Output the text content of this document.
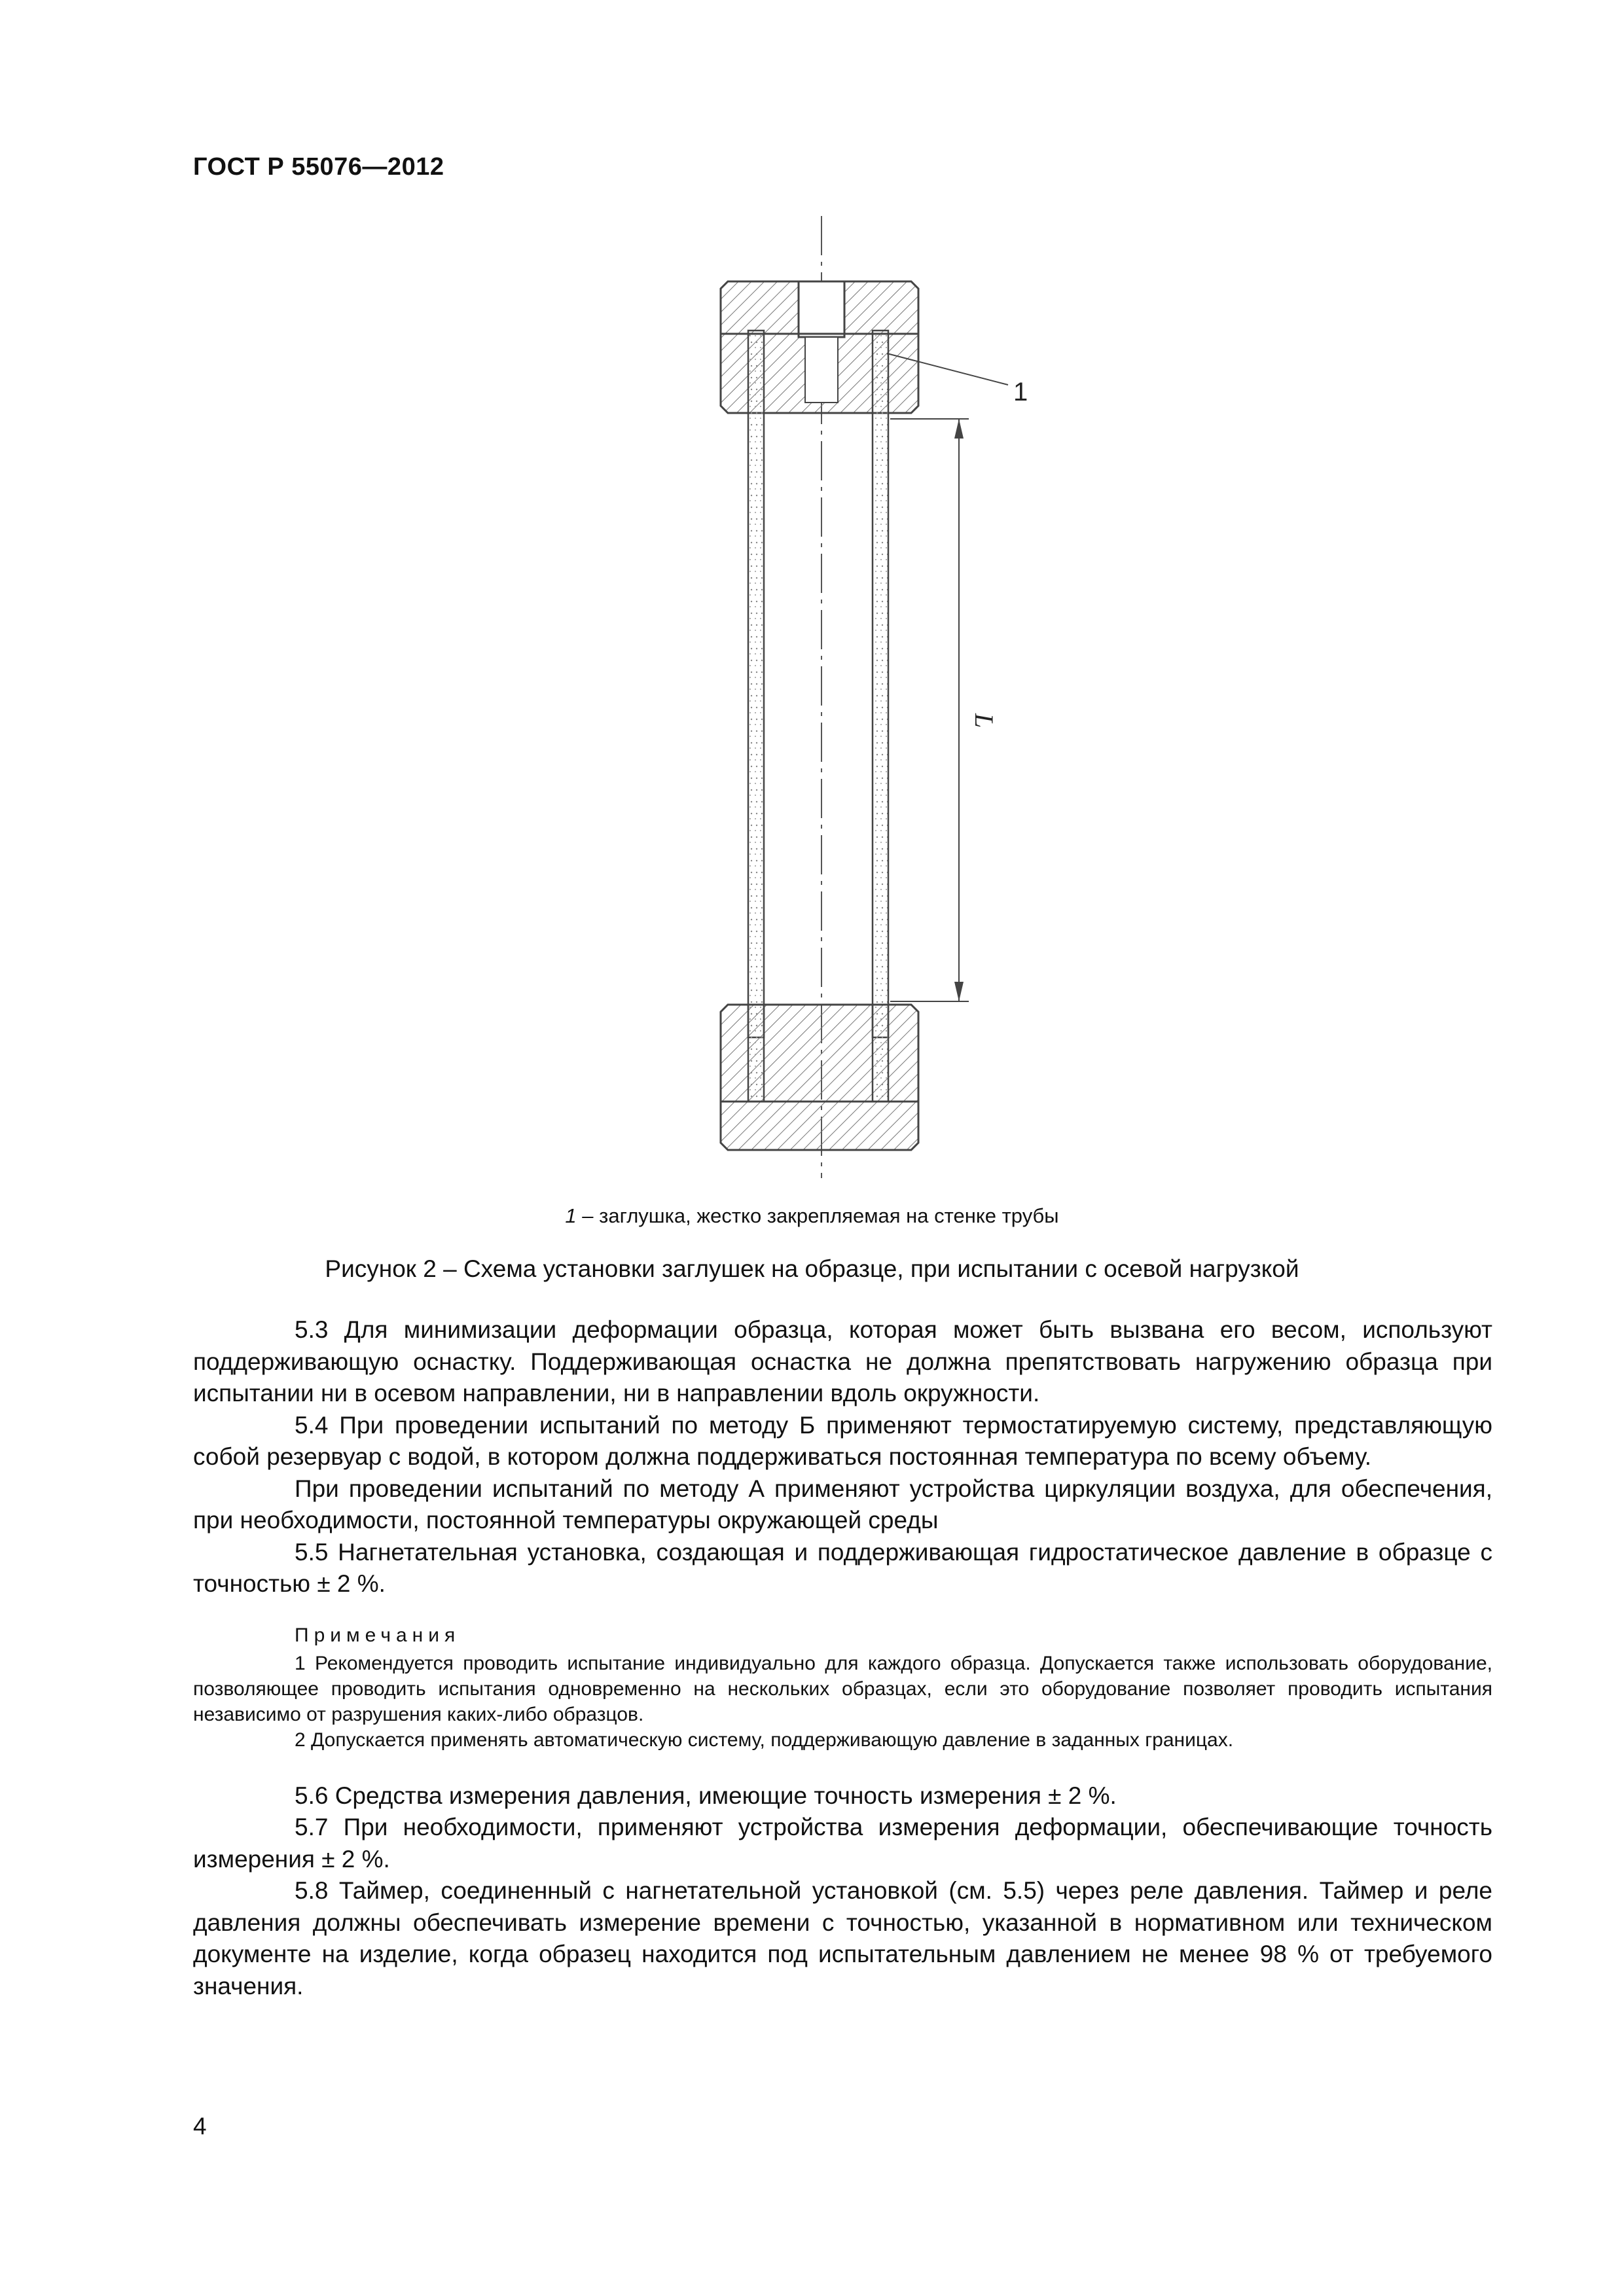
ГОСТ Р 55076—2012
1
L
1 – заглушка, жестко закрепляемая на стенке трубы
Рисунок 2 – Схема установки заглушек на образце, при испытании с осевой нагрузкой

5.3 Для минимизации деформации образца, которая может быть вызвана его весом, используют поддерживающую оснастку. Поддерживающая оснастка не должна препятствовать нагружению образца при испытании ни в осевом направлении, ни в направлении вдоль окружности.

5.4 При проведении испытаний по методу Б применяют термостатируемую систему, представляющую собой резервуар с водой, в котором должна поддерживаться постоянная температура по всему объему.

При проведении испытаний по методу А применяют устройства циркуляции воздуха, для обеспечения, при необходимости, постоянной температуры окружающей среды

5.5 Нагнетательная установка, создающая и поддерживающая гидростатическое давление в образце с точностью ± 2 %.

Примечания

1 Рекомендуется проводить испытание индивидуально для каждого образца. Допускается также использовать оборудование, позволяющее проводить испытания одновременно на нескольких образцах, если это оборудование позволяет проводить испытания независимо от разрушения каких-либо образцов.

2 Допускается применять автоматическую систему, поддерживающую давление в заданных границах.

5.6 Средства измерения давления, имеющие точность измерения ± 2 %.

5.7 При необходимости, применяют устройства измерения деформации, обеспечивающие точность измерения ± 2 %.

5.8 Таймер, соединенный с нагнетательной установкой (см. 5.5) через реле давления. Таймер и реле давления должны обеспечивать измерение времени с точностью, указанной в нормативном или техническом документе на изделие, когда образец находится под испытательным давлением не менее 98 % от требуемого значения.

4
